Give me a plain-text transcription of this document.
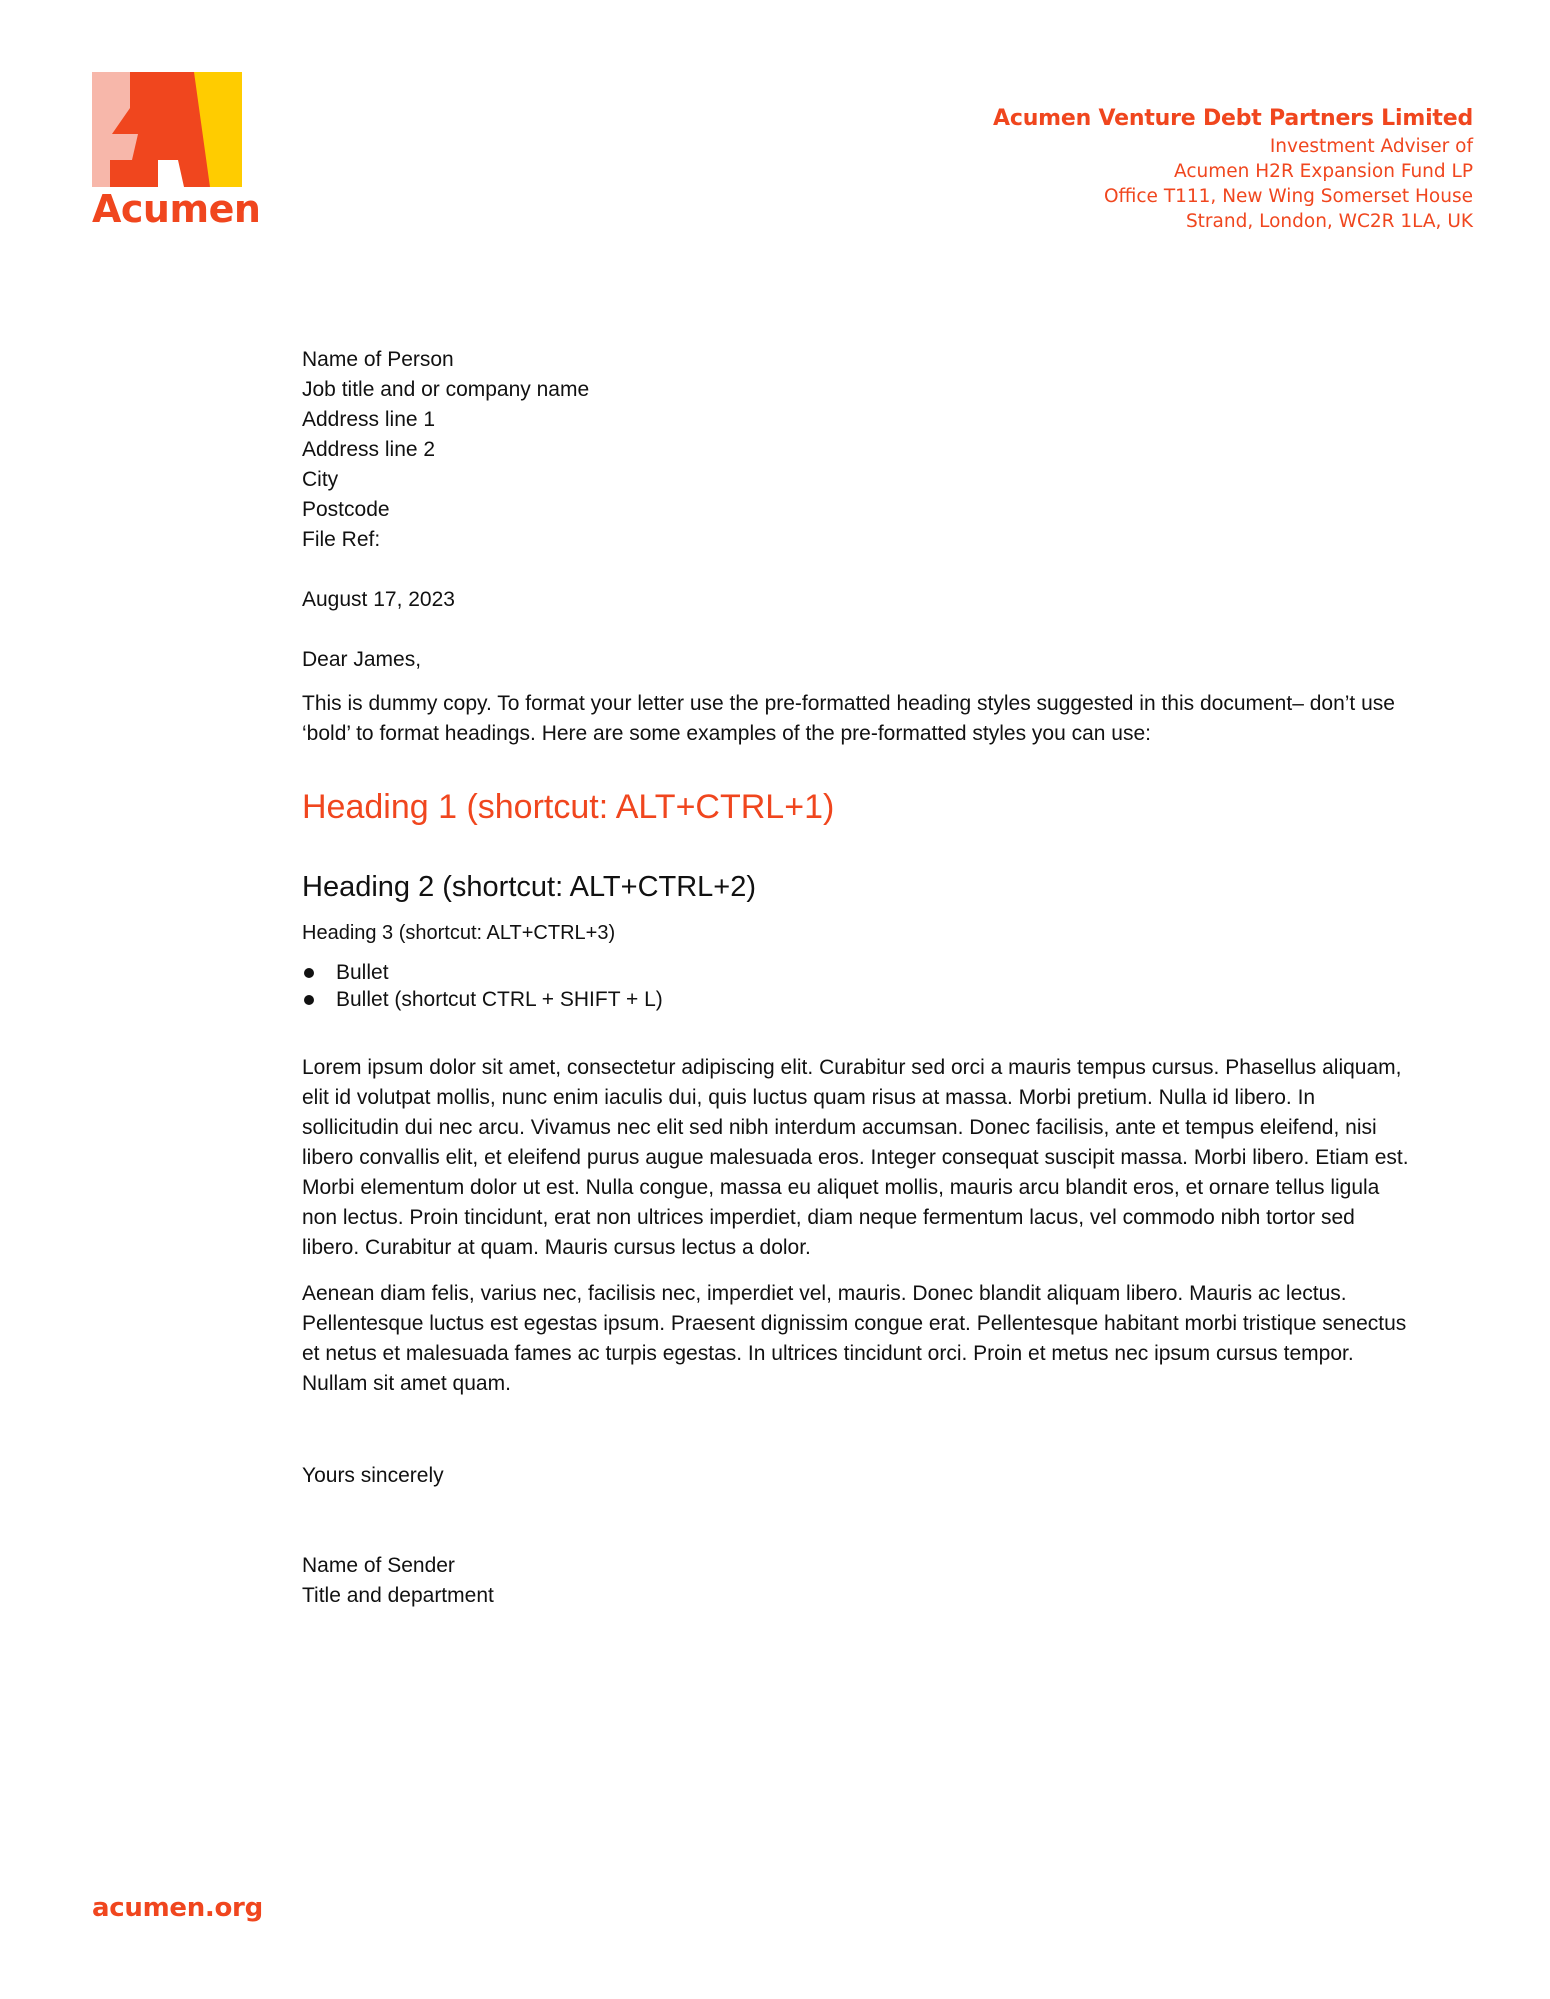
Acumen
Acumen Venture Debt Partners Limited
Investment Adviser of
Acumen H2R Expansion Fund LP
Office T111, New Wing Somerset House
Strand, London, WC2R 1LA, UK
Name of Person
Job title and or company name
Address line 1
Address line 2
City
Postcode
File Ref:
August 17, 2023
Dear James,
This is dummy copy. To format your letter use the pre-formatted heading styles suggested in this document– don’t use ‘bold’ to format headings. Here are some examples of the pre-formatted styles you can use:
Heading 1 (shortcut: ALT+CTRL+1)
Heading 2 (shortcut: ALT+CTRL+2)
Heading 3 (shortcut: ALT+CTRL+3)
Bullet
Bullet (shortcut CTRL + SHIFT + L)
Lorem ipsum dolor sit amet, consectetur adipiscing elit. Curabitur sed orci a mauris tempus cursus. Phasellus aliquam, elit id volutpat mollis, nunc enim iaculis dui, quis luctus quam risus at massa. Morbi pretium. Nulla id libero. In sollicitudin dui nec arcu. Vivamus nec elit sed nibh interdum accumsan. Donec facilisis, ante et tempus eleifend, nisi libero convallis elit, et eleifend purus augue malesuada eros. Integer consequat suscipit massa. Morbi libero. Etiam est. Morbi elementum dolor ut est. Nulla congue, massa eu aliquet mollis, mauris arcu blandit eros, et ornare tellus ligula non lectus. Proin tincidunt, erat non ultrices imperdiet, diam neque fermentum lacus, vel commodo nibh tortor sed libero. Curabitur at quam. Mauris cursus lectus a dolor.
Aenean diam felis, varius nec, facilisis nec, imperdiet vel, mauris. Donec blandit aliquam libero. Mauris ac lectus. Pellentesque luctus est egestas ipsum. Praesent dignissim congue erat. Pellentesque habitant morbi tristique senectus et netus et malesuada fames ac turpis egestas. In ultrices tincidunt orci. Proin et metus nec ipsum cursus tempor. Nullam sit amet quam.
Yours sincerely
Name of Sender
Title and department
acumen.org
